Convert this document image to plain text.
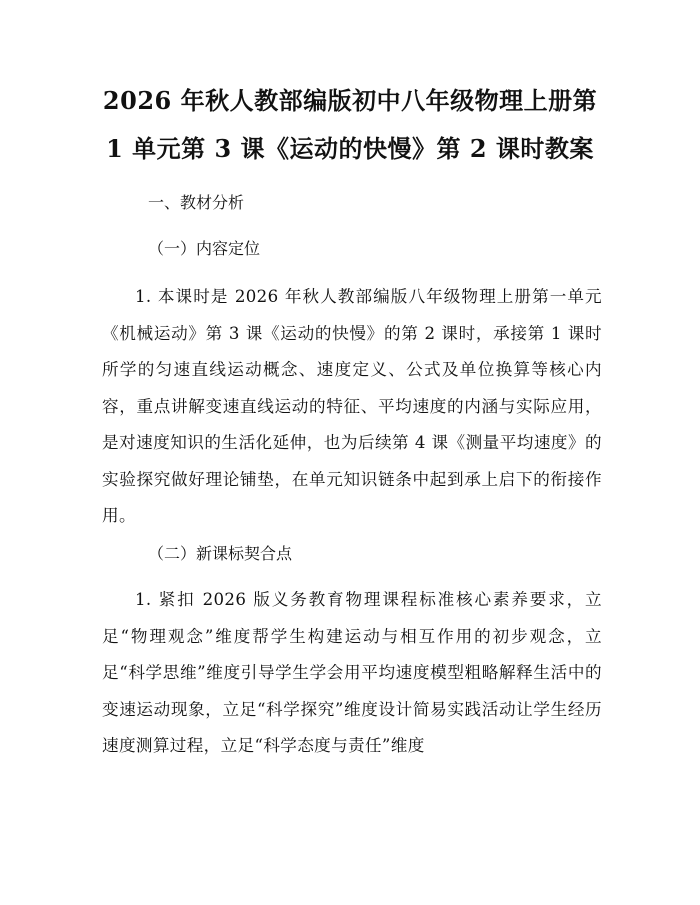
2026 年秋人教部编版初中八年级物理上册第
1 单元第 3 课《运动的快慢》第 2 课时教案
一、教材分析
（一）内容定位
1. 本课时是 2026 年秋人教部编版八年级物理上册第一单元《机械运动》第 3 课《运动的快慢》的第 2 课时，承接第 1 课时所学的匀速直线运动概念、速度定义、公式及单位换算等核心内容，重点讲解变速直线运动的特征、平均速度的内涵与实际应用，是对速度知识的生活化延伸，也为后续第 4 课《测量平均速度》的实验探究做好理论铺垫，在单元知识链条中起到承上启下的衔接作用。
（二）新课标契合点
1. 紧扣 2026 版义务教育物理课程标准核心素养要求，立足“物理观念”维度帮学生构建运动与相互作用的初步观念，立足“科学思维”维度引导学生学会用平均速度模型粗略解释生活中的变速运动现象，立足“科学探究”维度设计简易实践活动让学生经历速度测算过程，立足“科学态度与责任”维度
